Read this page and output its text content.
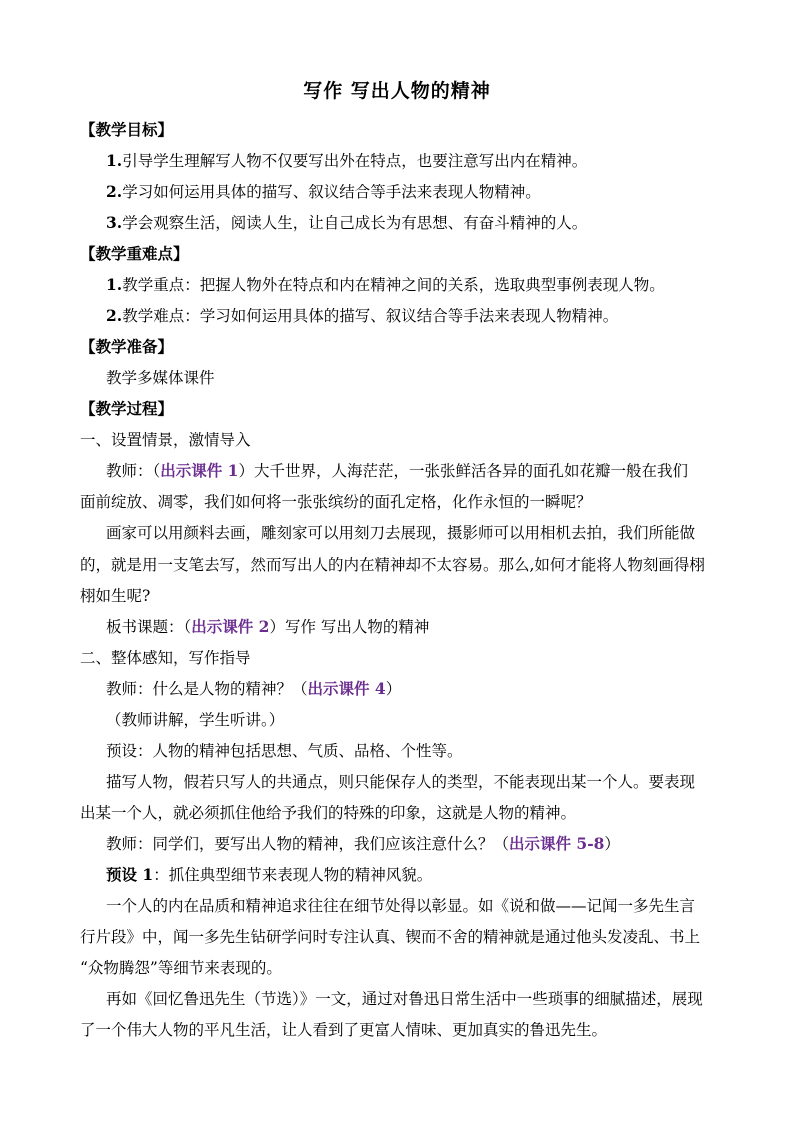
写作 写出人物的精神
【教学目标】
1.引导学生理解写人物不仅要写出外在特点，也要注意写出内在精神。
2.学习如何运用具体的描写、叙议结合等手法来表现人物精神。
3.学会观察生活，阅读人生，让自己成长为有思想、有奋斗精神的人。
【教学重难点】
1.教学重点：把握人物外在特点和内在精神之间的关系，选取典型事例表现人物。
2.教学难点：学习如何运用具体的描写、叙议结合等手法来表现人物精神。
【教学准备】
教学多媒体课件
【教学过程】
一、设置情景，激情导入
教师：（出示课件 1）大千世界，人海茫茫，一张张鲜活各异的面孔如花瓣一般在我们
面前绽放、凋零，我们如何将一张张缤纷的面孔定格，化作永恒的一瞬呢？
画家可以用颜料去画，雕刻家可以用刻刀去展现，摄影师可以用相机去拍，我们所能做
的，就是用一支笔去写，然而写出人的内在精神却不太容易。那么,如何才能将人物刻画得栩
栩如生呢?
板书课题：（出示课件 2）写作 写出人物的精神
二、整体感知，写作指导
教师：什么是人物的精神？（出示课件 4）
（教师讲解，学生听讲。）
预设：人物的精神包括思想、气质、品格、个性等。
描写人物，假若只写人的共通点，则只能保存人的类型，不能表现出某一个人。要表现
出某一个人，就必须抓住他给予我们的特殊的印象，这就是人物的精神。
教师：同学们，要写出人物的精神，我们应该注意什么？（出示课件 5-8）
预设 1：抓住典型细节来表现人物的精神风貌。
一个人的内在品质和精神追求往往在细节处得以彰显。如《说和做——记闻一多先生言
行片段》中，闻一多先生钻研学问时专注认真、锲而不舍的精神就是通过他头发凌乱、书上
“众物腾怨”等细节来表现的。
再如《回忆鲁迅先生（节选）》一文，通过对鲁迅日常生活中一些琐事的细腻描述，展现
了一个伟大人物的平凡生活，让人看到了更富人情味、更加真实的鲁迅先生。
